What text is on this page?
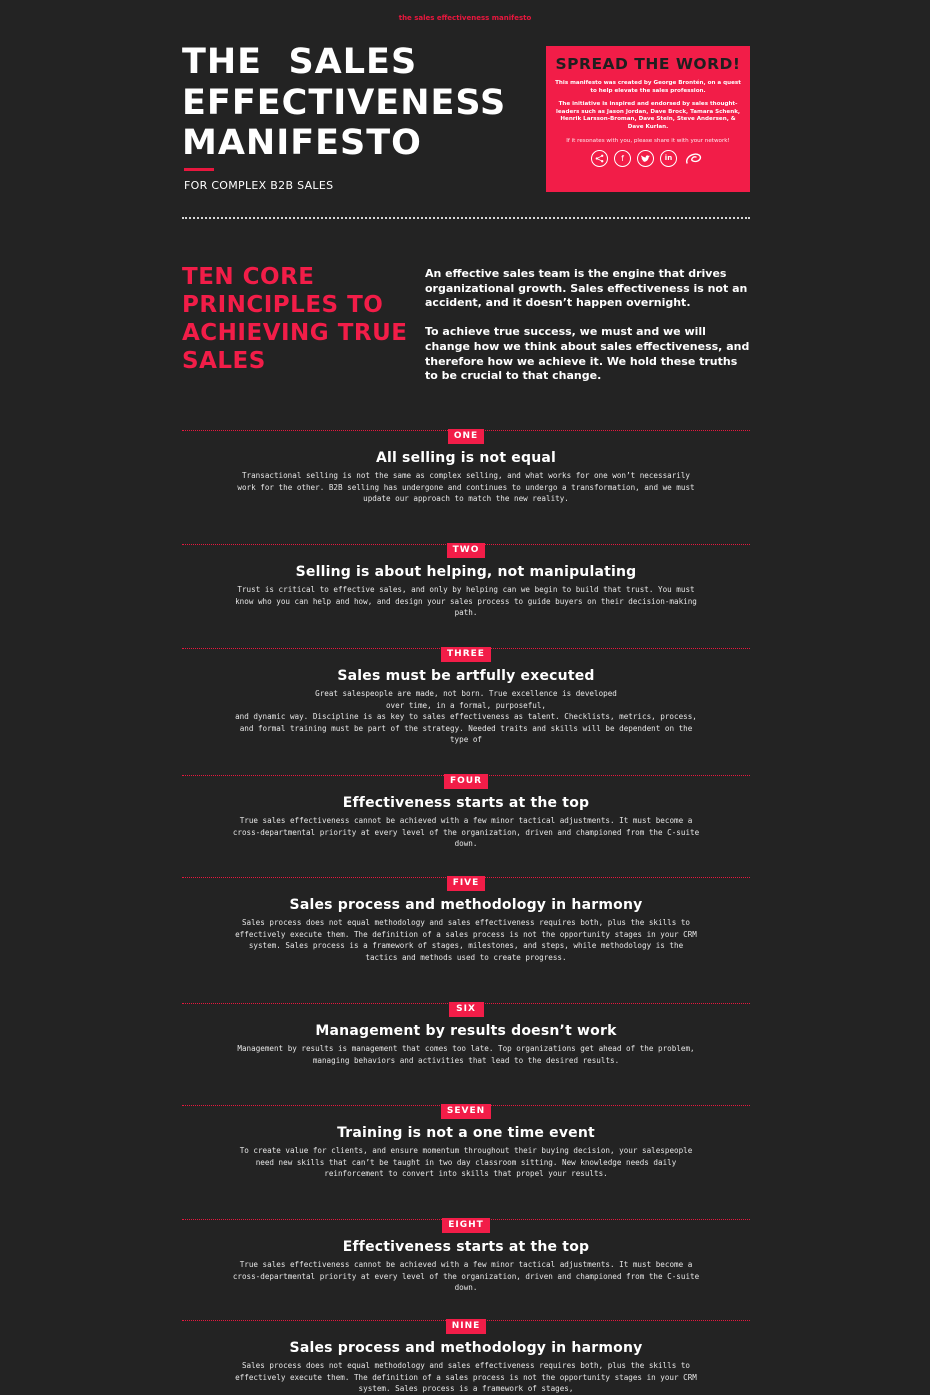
the sales effectiveness manifesto
THE  SALES
EFFECTIVENESS
MANIFESTO
FOR COMPLEX B2B SALES
SPREAD THE WORD!

This manifesto was created by George Brontén, on a quest to help elevate the sales profession.

The initiative is inspired and endorsed by sales thought-leaders such as Jason Jordan, Dave Brock, Tamara Schenk, Henrik Larsson-Broman, Dave Stein, Steve Andersen, & Dave Kurlan.

If it resonates with you, please share it with your network!

f	in
TEN CORE PRINCIPLES TO ACHIEVING TRUE SALES

An effective sales team is the engine that drives organizational growth. Sales effectiveness is not an accident, and it doesn’t happen overnight.

To achieve true success, we must and we will change how we think about sales effectiveness, and therefore how we achieve it. We hold these truths to be crucial to that change.

ONE
All selling is not equal
Transactional selling is not the same as complex selling, and what works for one won’t necessarily work for the other. B2B selling has undergone and continues to undergo a transformation, and we must update our approach to match the new reality.
TWO
Selling is about helping, not manipulating
Trust is critical to effective sales, and only by helping can we begin to build that trust. You must know who you can help and how, and design your sales process to guide buyers on their decision-making path.
THREE
Sales must be artfully executed
Great salespeople are made, not born. True excellence is developed over time, in a formal, purposeful,
and dynamic way. Discipline is as key to sales effectiveness as talent. Checklists, metrics, process, and formal training must be part of the strategy. Needed traits and skills will be dependent on the type of
FOUR
Effectiveness starts at the top
True sales effectiveness cannot be achieved with a few minor tactical adjustments. It must become a cross-departmental priority at every level of the organization, driven and championed from the C-suite down.
FIVE
Sales process and methodology in harmony
Sales process does not equal methodology and sales effectiveness requires both, plus the skills to effectively execute them. The definition of a sales process is not the opportunity stages in your CRM system. Sales process is a framework of stages, milestones, and steps, while methodology is the tactics and methods used to create progress.
SIX
Management by results doesn’t work
Management by results is management that comes too late. Top organizations get ahead of the problem, managing behaviors and activities that lead to the desired results.
SEVEN
Training is not a one time event
To create value for clients, and ensure momentum throughout their buying decision, your salespeople need new skills that can’t be taught in two day classroom sitting. New knowledge needs daily reinforcement to convert into skills that propel your results.
EIGHT
Effectiveness starts at the top
True sales effectiveness cannot be achieved with a few minor tactical adjustments. It must become a cross-departmental priority at every level of the organization, driven and championed from the C-suite down.
NINE
Sales process and methodology in harmony
Sales process does not equal methodology and sales effectiveness requires both, plus the skills to effectively execute them. The definition of a sales process is not the opportunity stages in your CRM system. Sales process is a framework of stages,
